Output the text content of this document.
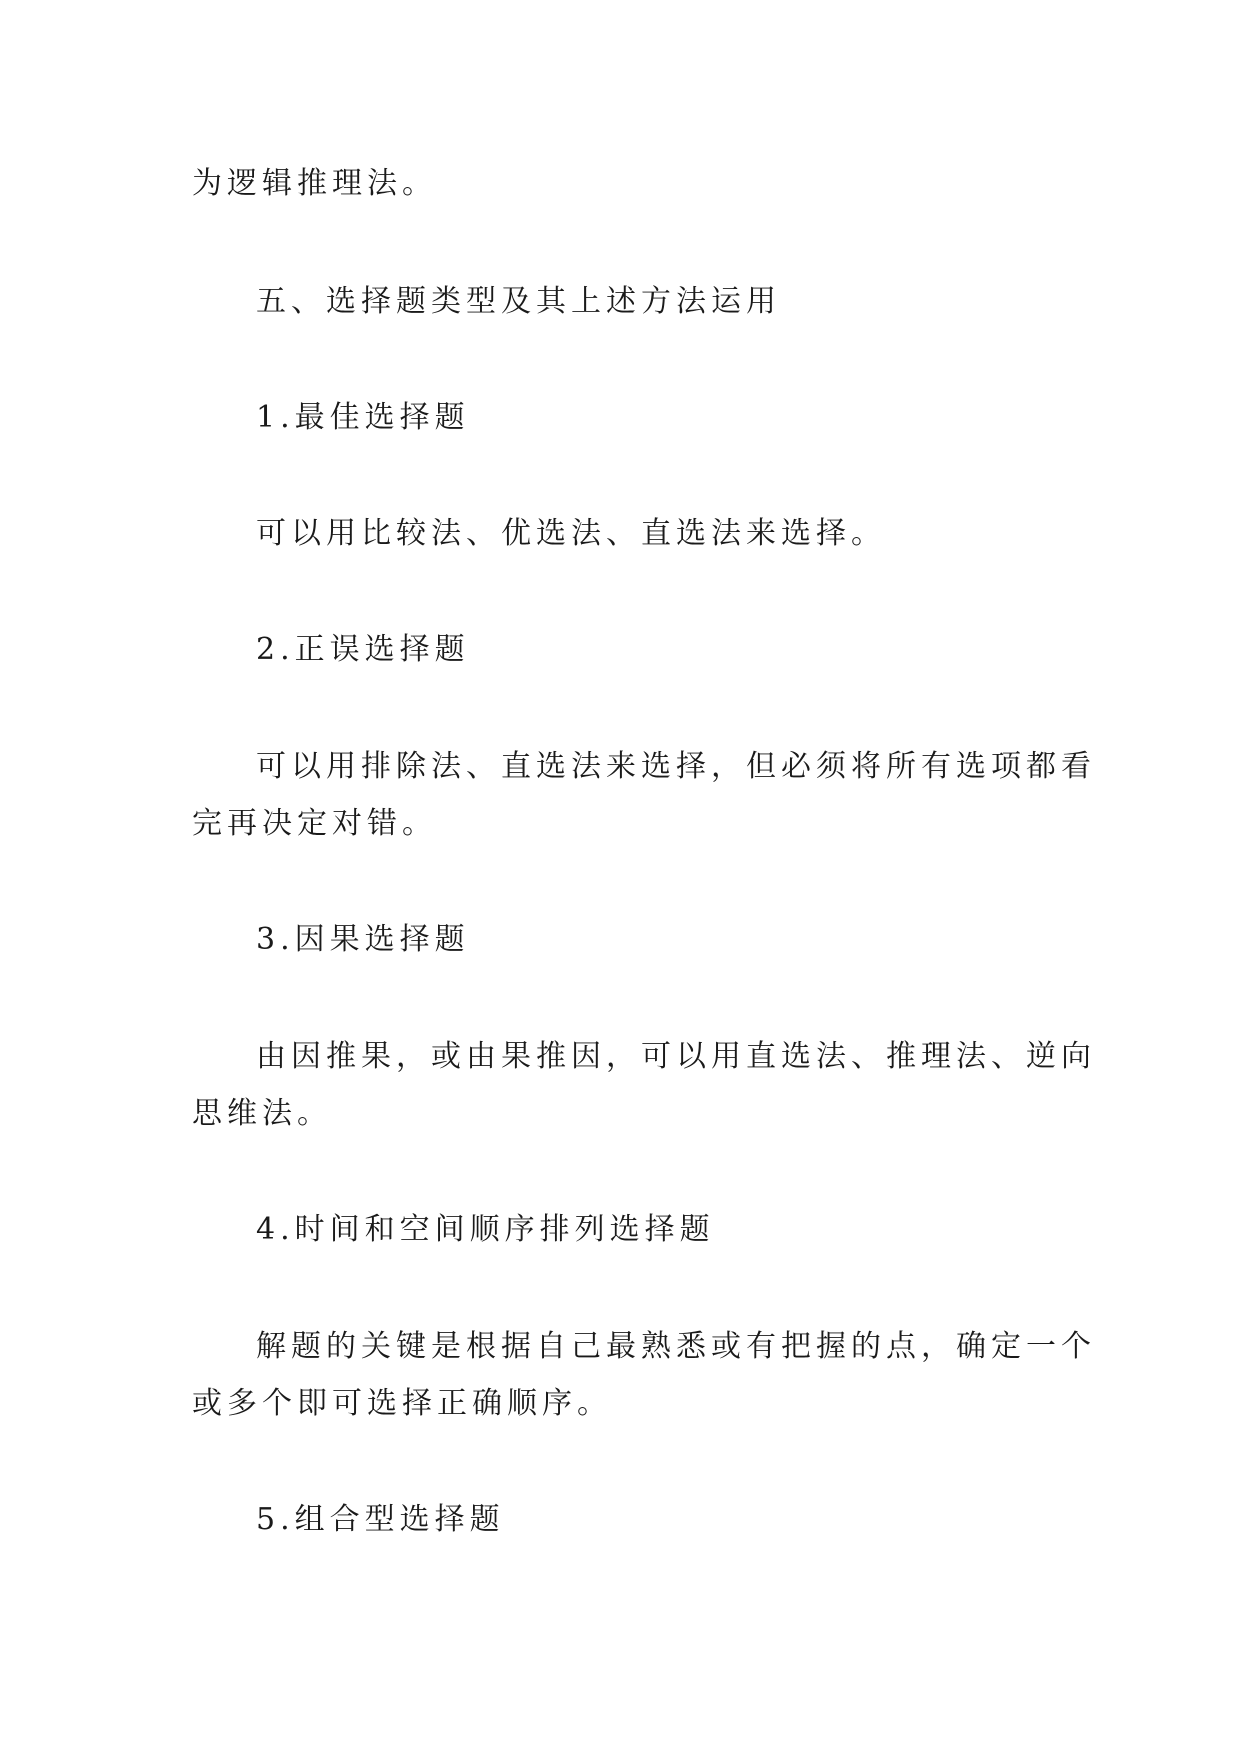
为逻辑推理法。
五、选择题类型及其上述方法运用
1.最佳选择题
可以用比较法、优选法、直选法来选择。
2.正误选择题
可以用排除法、直选法来选择，但必须将所有选项都看
完再决定对错。
3.因果选择题
由因推果，或由果推因，可以用直选法、推理法、逆向
思维法。
4.时间和空间顺序排列选择题
解题的关键是根据自己最熟悉或有把握的点，确定一个
或多个即可选择正确顺序。
5.组合型选择题
